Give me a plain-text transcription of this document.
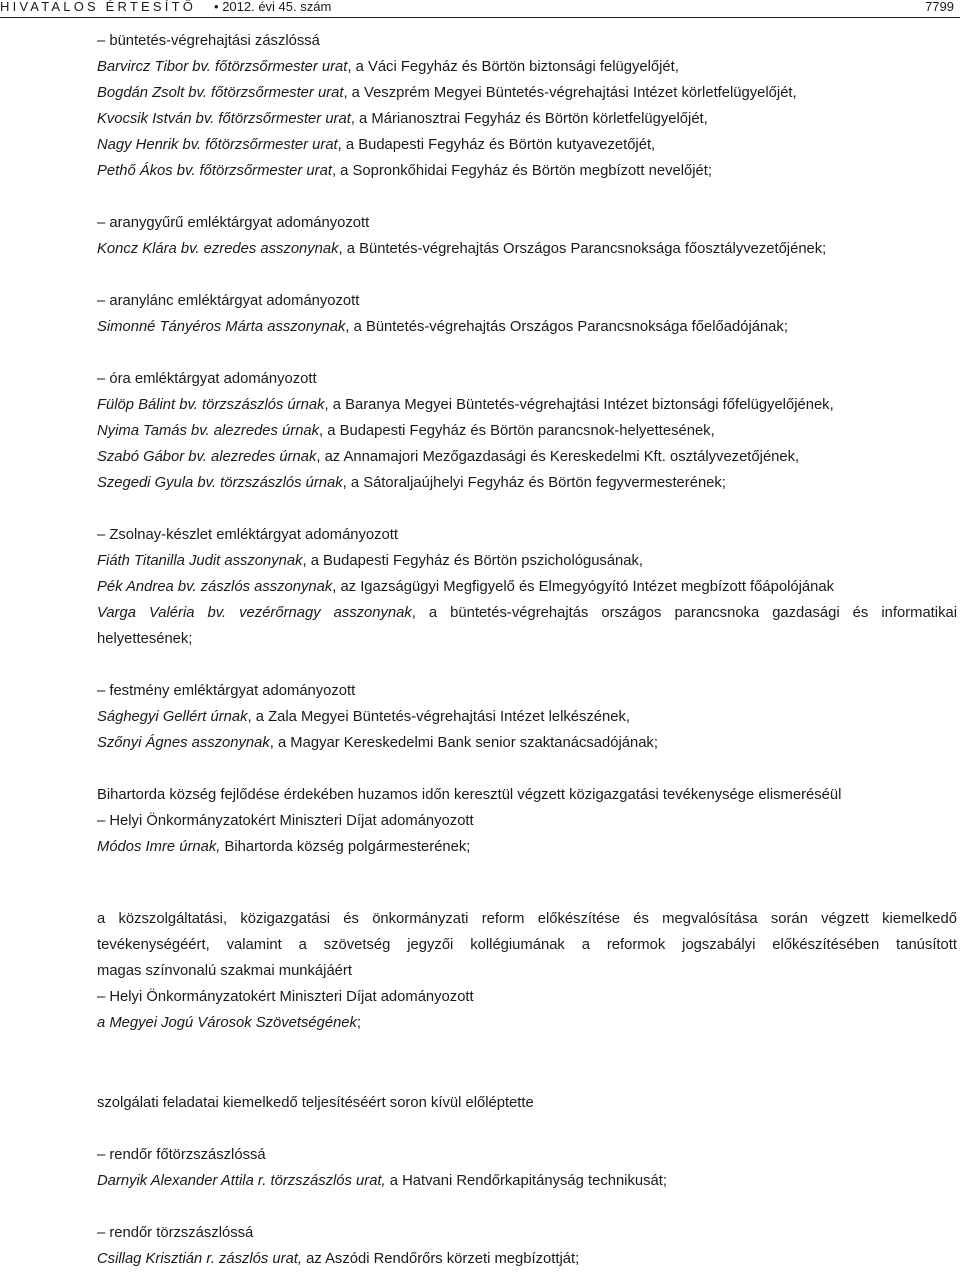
HIVATALOS ÉRTESÍTŐ • 2012. évi 45. szám	7799
– büntetés-végrehajtási zászlóssá
Barvircz Tibor bv. főtörzsőrmester urat, a Váci Fegyház és Börtön biztonsági felügyelőjét,
Bogdán Zsolt bv. főtörzsőrmester urat, a Veszprém Megyei Büntetés-végrehajtási Intézet körletfelügyelőjét,
Kvocsik István bv. főtörzsőrmester urat, a Márianosztrai Fegyház és Börtön körletfelügyelőjét,
Nagy Henrik bv. főtörzsőrmester urat, a Budapesti Fegyház és Börtön kutyavezetőjét,
Pethő Ákos bv. főtörzsőrmester urat, a Sopronkőhidai Fegyház és Börtön megbízott nevelőjét;
– aranygyűrű emléktárgyat adományozott
Koncz Klára bv. ezredes asszonynak, a Büntetés-végrehajtás Országos Parancsnoksága főosztályvezetőjének;
– aranylánc emléktárgyat adományozott
Simonné Tányéros Márta asszonynak, a Büntetés-végrehajtás Országos Parancsnoksága főelőadójának;
– óra emléktárgyat adományozott
Fülöp Bálint bv. törzszászlós úrnak, a Baranya Megyei Büntetés-végrehajtási Intézet biztonsági főfelügyelőjének,
Nyima Tamás bv. alezredes úrnak, a Budapesti Fegyház és Börtön parancsnok-helyettesének,
Szabó Gábor bv. alezredes úrnak, az Annamajori Mezőgazdasági és Kereskedelmi Kft. osztályvezetőjének,
Szegedi Gyula bv. törzszászlós úrnak, a Sátoraljaújhelyi Fegyház és Börtön fegyvermesterének;
– Zsolnay-készlet emléktárgyat adományozott
Fiáth Titanilla Judit asszonynak, a Budapesti Fegyház és Börtön pszichológusának,
Pék Andrea bv. zászlós asszonynak, az Igazságügyi Megfigyelő és Elmegyógyító Intézet megbízott főápolójának
Varga Valéria bv. vezérőrnagy asszonynak, a büntetés-végrehajtás országos parancsnoka gazdasági és informatikai
helyettesének;
– festmény emléktárgyat adományozott
Sághegyi Gellért úrnak, a Zala Megyei Büntetés-végrehajtási Intézet lelkészének,
Szőnyi Ágnes asszonynak, a Magyar Kereskedelmi Bank senior szaktanácsadójának;
Bihartorda község fejlődése érdekében huzamos időn keresztül végzett közigazgatási tevékenysége elismeréséül
– Helyi Önkormányzatokért Miniszteri Díjat adományozott
Módos Imre úrnak, Bihartorda község polgármesterének;
a közszolgáltatási, közigazgatási és önkormányzati reform előkészítése és megvalósítása során végzett kiemelkedő
tevékenységéért, valamint a szövetség jegyzői kollégiumának a reformok jogszabályi előkészítésében tanúsított
magas színvonalú szakmai munkájáért
– Helyi Önkormányzatokért Miniszteri Díjat adományozott
a Megyei Jogú Városok Szövetségének;
szolgálati feladatai kiemelkedő teljesítéséért soron kívül előléptette
– rendőr főtörzszászlóssá
Darnyik Alexander Attila r. törzszászlós urat, a Hatvani Rendőrkapitányság technikusát;
– rendőr törzszászlóssá
Csillag Krisztián r. zászlós urat, az Aszódi Rendőrőrs körzeti megbízottját;
